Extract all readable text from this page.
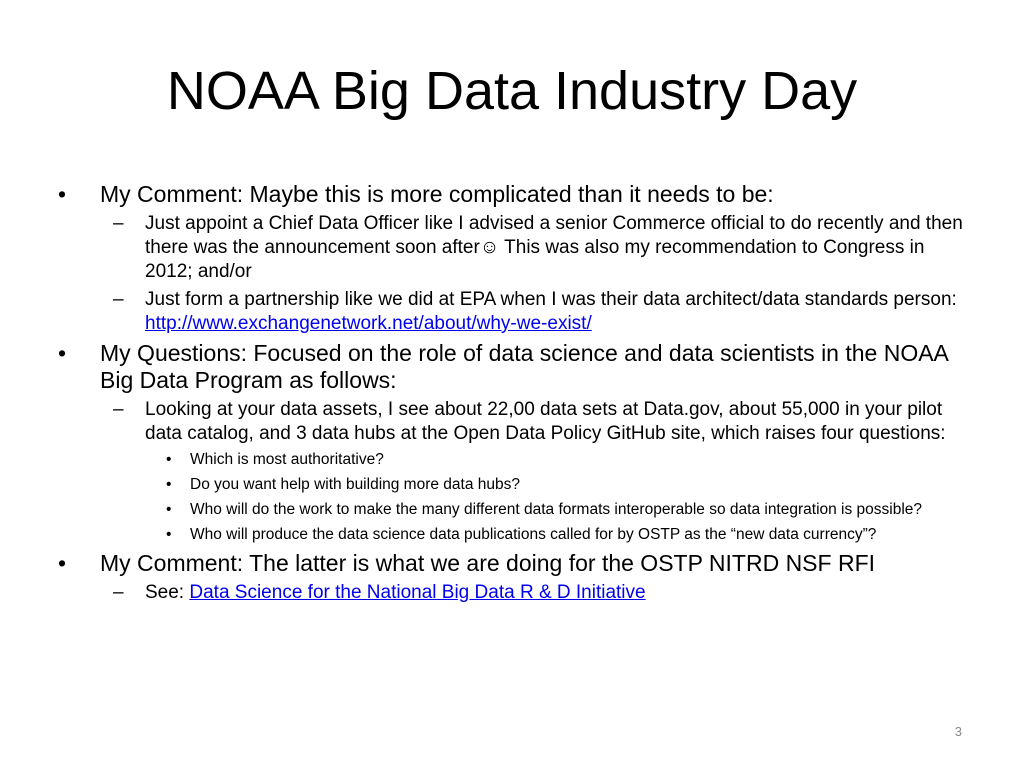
NOAA Big Data Industry Day
•	My Comment: Maybe this is more complicated than it needs to be:
–	Just appoint a Chief Data Officer like I advised a senior Commerce official to do recently and then there was the announcement soon after☺ This was also my recommendation to Congress in 2012; and/or
–	Just form a partnership like we did at EPA when I was their data architect/data standards person: http://www.exchangenetwork.net/about/why-we-exist/
•	My Questions: Focused on the role of data science and data scientists in the NOAA Big Data Program as follows:
–	Looking at your data assets, I see about 22,00 data sets at Data.gov, about 55,000 in your pilot data catalog, and 3 data hubs at the Open Data Policy GitHub site, which raises four questions:
•	Which is most authoritative?
•	Do you want help with building more data hubs?
•	Who will do the work to make the many different data formats interoperable so data integration is possible?
•	Who will produce the data science data publications called for by OSTP as the “new data currency”?
•	My Comment: The latter is what we are doing for the OSTP NITRD NSF RFI
–	See: Data Science for the National Big Data R & D Initiative
3
